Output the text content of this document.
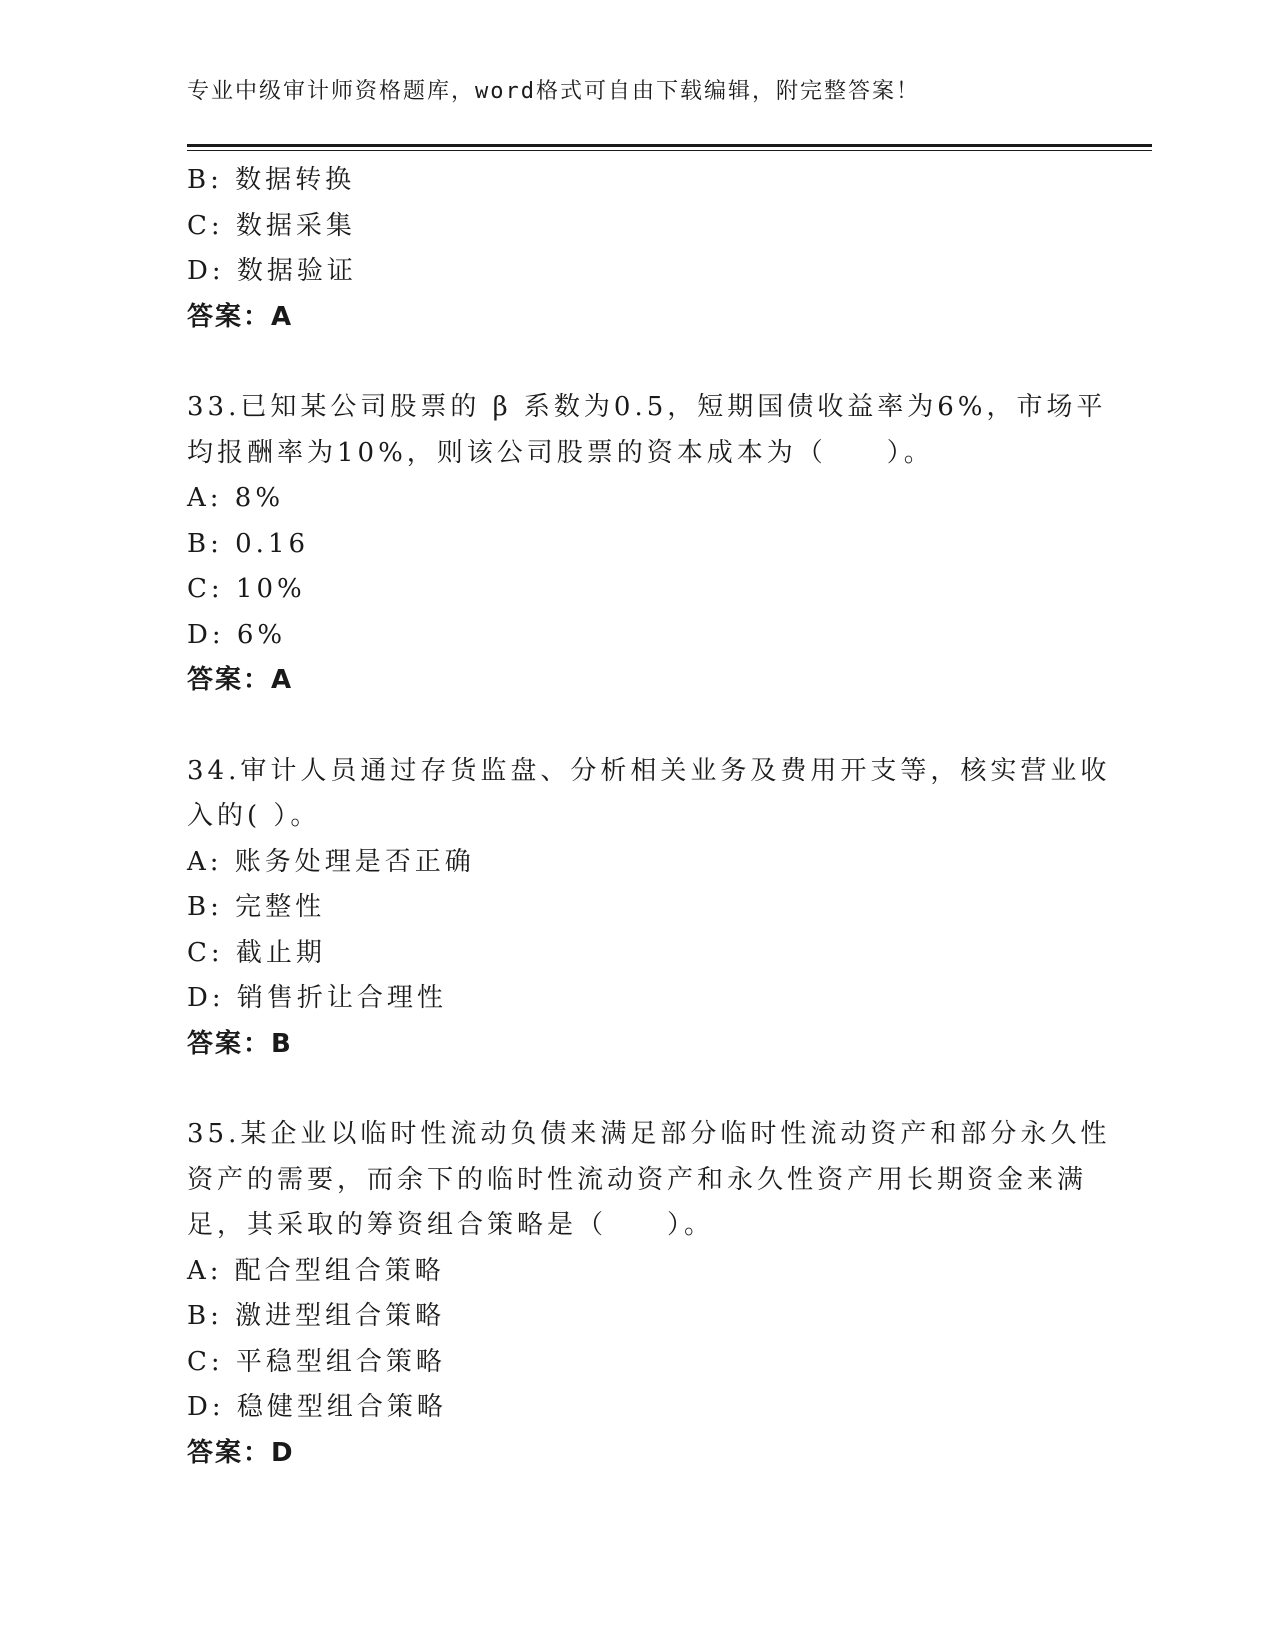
专业中级审计师资格题库，word格式可自由下载编辑，附完整答案！
B: 数据转换
C: 数据采集
D: 数据验证
答案：A
33.已知某公司股票的 β 系数为0.5，短期国债收益率为6%，市场平
均报酬率为10%，则该公司股票的资本成本为（　　）。
A: 8%
B: 0.16
C: 10%
D: 6%
答案：A
34.审计人员通过存货监盘、分析相关业务及费用开支等，核实营业收
入的( ）。
A: 账务处理是否正确
B: 完整性
C: 截止期
D: 销售折让合理性
答案：B
35.某企业以临时性流动负债来满足部分临时性流动资产和部分永久性
资产的需要，而余下的临时性流动资产和永久性资产用长期资金来满
足，其采取的筹资组合策略是（　　）。
A: 配合型组合策略
B: 激进型组合策略
C: 平稳型组合策略
D: 稳健型组合策略
答案：D
